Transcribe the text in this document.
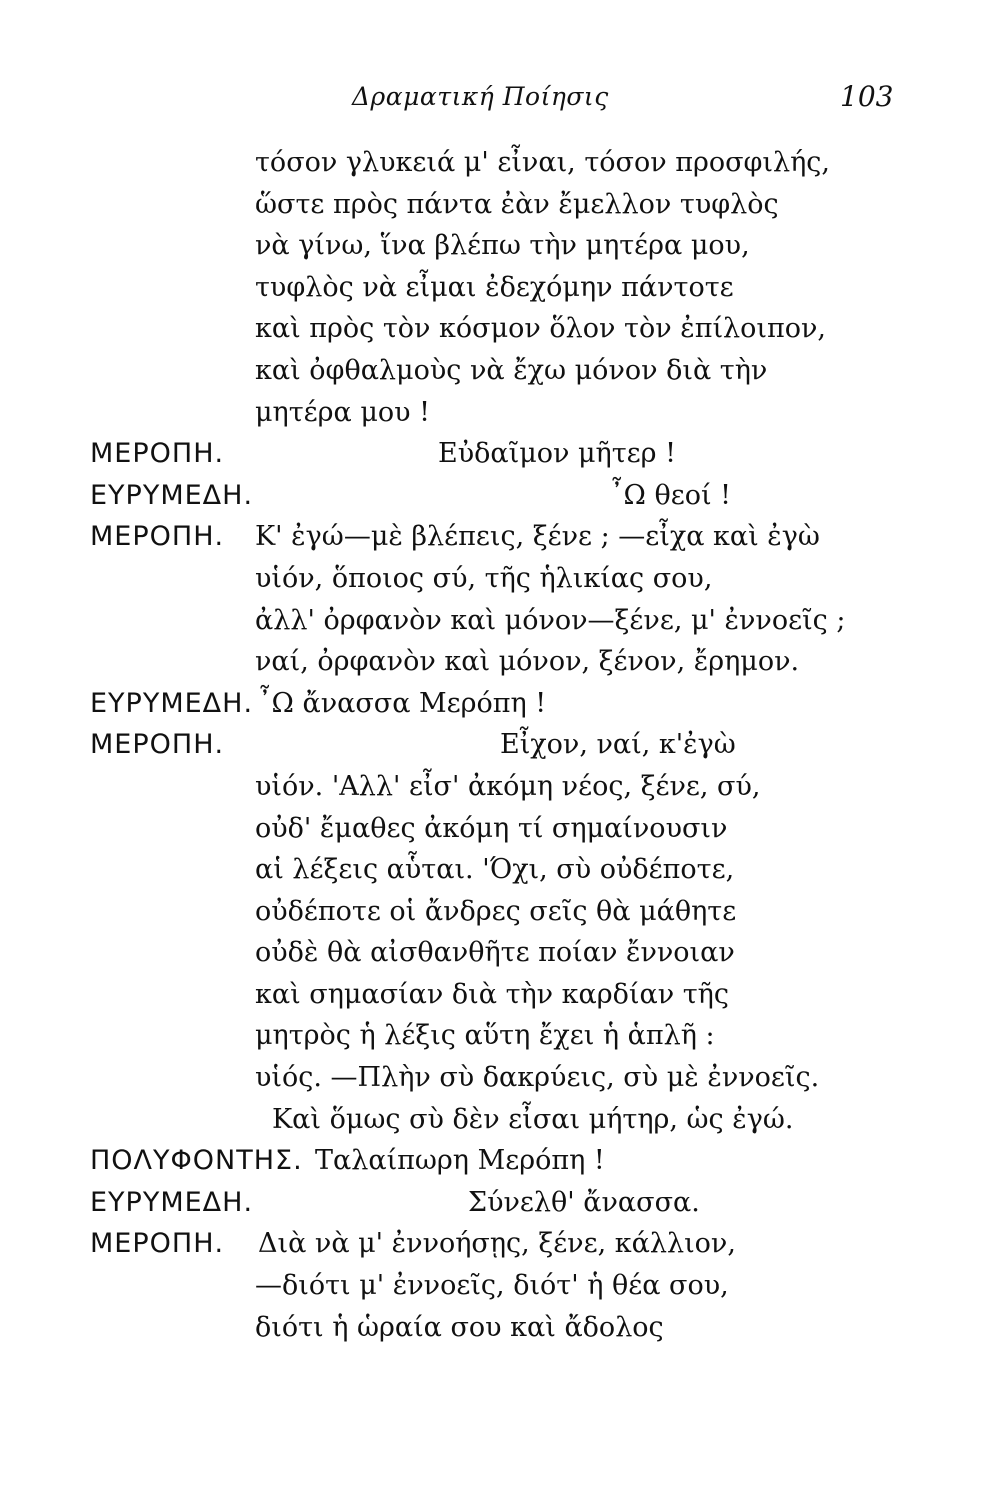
Δραματική Ποίησις	103
τόσον γλυκειά μ' εἶναι, τόσον προσφιλής,
ὥστε πρὸς πάντα ἐὰν ἔμελλον τυφλὸς
νὰ γίνω, ἵνα βλέπω τὴν μητέρα μου,
τυφλὸς νὰ εἶμαι ἐδεχόμην πάντοτε
καὶ πρὸς τὸν κόσμον ὅλον τὸν ἐπίλοιπον,
καὶ ὀφθαλμοὺς νὰ ἔχω μόνον διὰ τὴν
μητέρα μου !
ΜΕΡΟΠΗ.	Εὐδαῖμον μῆτερ !
ΕΥΡΥΜΕΔΗ.	῏Ω θεοί !
ΜΕΡΟΠΗ. Κ' ἐγώ—μὲ βλέπεις, ξένε ; —εἶχα καὶ ἐγὼ
υἱόν, ὅποιος σύ, τῆς ἡλικίας σου,
ἀλλ' ὀρφανὸν καὶ μόνον—ξένε, μ' ἐννοεῖς ;
ναί, ὀρφανὸν καὶ μόνον, ξένον, ἔρημον.
ΕΥΡΥΜΕΔΗ. ῏Ω ἄνασσα Μερόπη !
ΜΕΡΟΠΗ.	Εἶχον, ναί, κ'ἐγὼ
υἱόν. 'Αλλ' εἶσ' ἀκόμη νέος, ξένε, σύ,
οὐδ' ἔμαθες ἀκόμη τί σημαίνουσιν
αἱ λέξεις αὗται. 'Όχι, σὺ οὐδέποτε,
οὐδέποτε οἱ ἄνδρες σεῖς θὰ μάθητε
οὐδὲ θὰ αἰσθανθῆτε ποίαν ἔννοιαν
καὶ σημασίαν διὰ τὴν καρδίαν τῆς
μητρὸς ἡ λέξις αὕτη ἔχει ἡ ἁπλῆ :
υἱός. —Πλὴν σὺ δακρύεις, σὺ μὲ ἐννοεῖς.
Καὶ ὅμως σὺ δὲν εἶσαι μήτηρ, ὡς ἐγώ.
ΠΟΛΥΦΟΝΤΗΣ. Ταλαίπωρη Μερόπη !
ΕΥΡΥΜΕΔΗ.	Σύνελθ' ἄνασσα.
ΜΕΡΟΠΗ. Διὰ νὰ μ' ἐννοήσῃς, ξένε, κάλλιον,
—διότι μ' ἐννοεῖς, διότ' ἡ θέα σου,
διότι ἡ ὡραία σου καὶ ἄδολος
